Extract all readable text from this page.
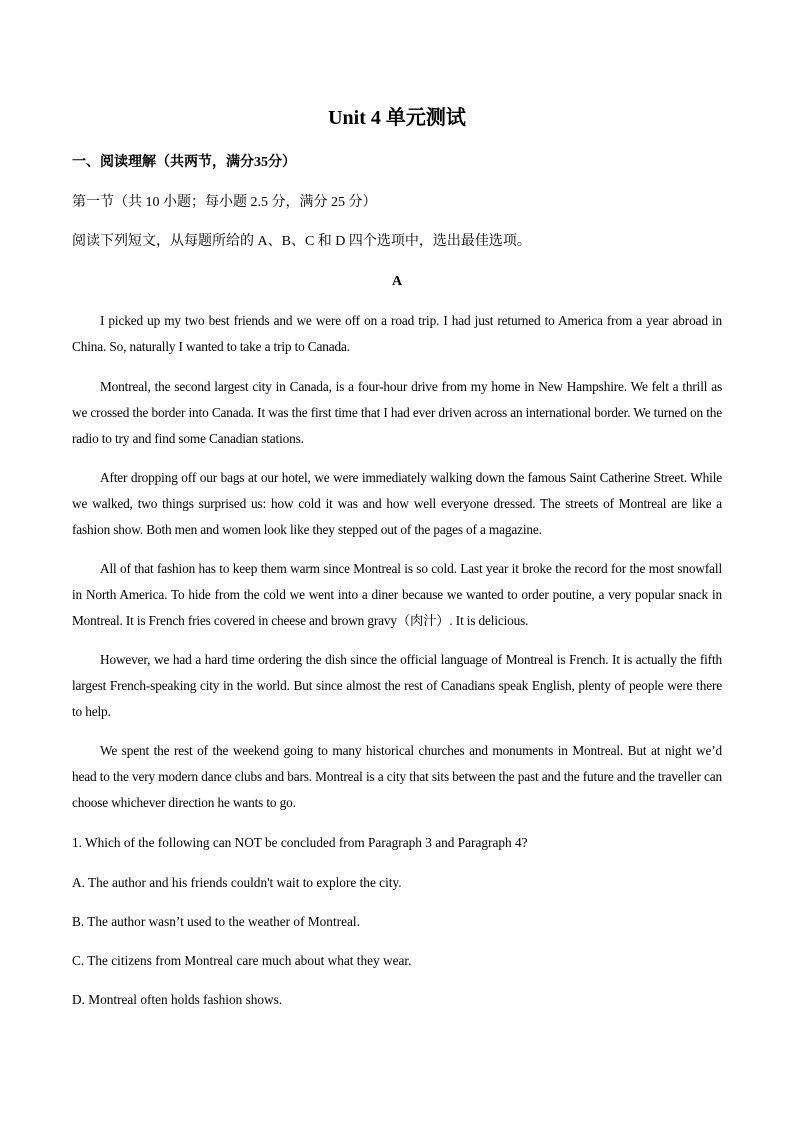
Unit 4 单元测试
一、阅读理解（共两节，满分35分）
第一节（共 10 小题；每小题 2.5 分，满分 25 分）
阅读下列短文，从每题所给的 A、B、C 和 D 四个选项中，选出最佳选项。
A

I picked up my two best friends and we were off on a road trip. I had just returned to America from a year abroad in China. So, naturally I wanted to take a trip to Canada.

Montreal, the second largest city in Canada, is a four-hour drive from my home in New Hampshire. We felt a thrill as we crossed the border into Canada. It was the first time that I had ever driven across an international border. We turned on the radio to try and find some Canadian stations.

After dropping off our bags at our hotel, we were immediately walking down the famous Saint Catherine Street. While we walked, two things surprised us: how cold it was and how well everyone dressed. The streets of Montreal are like a fashion show. Both men and women look like they stepped out of the pages of a magazine.

All of that fashion has to keep them warm since Montreal is so cold. Last year it broke the record for the most snowfall in North America. To hide from the cold we went into a diner because we wanted to order poutine, a very popular snack in Montreal. It is French fries covered in cheese and brown gravy（肉汁）. It is delicious.

However, we had a hard time ordering the dish since the official language of Montreal is French. It is actually the fifth largest French-speaking city in the world. But since almost the rest of Canadians speak English, plenty of people were there to help.

We spent the rest of the weekend going to many historical churches and monuments in Montreal. But at night we’d head to the very modern dance clubs and bars. Montreal is a city that sits between the past and the future and the traveller can choose whichever direction he wants to go.

1. Which of the following can NOT be concluded from Paragraph 3 and Paragraph 4?
A. The author and his friends couldn't wait to explore the city.
B. The author wasn’t used to the weather of Montreal.
C. The citizens from Montreal care much about what they wear.
D. Montreal often holds fashion shows.
